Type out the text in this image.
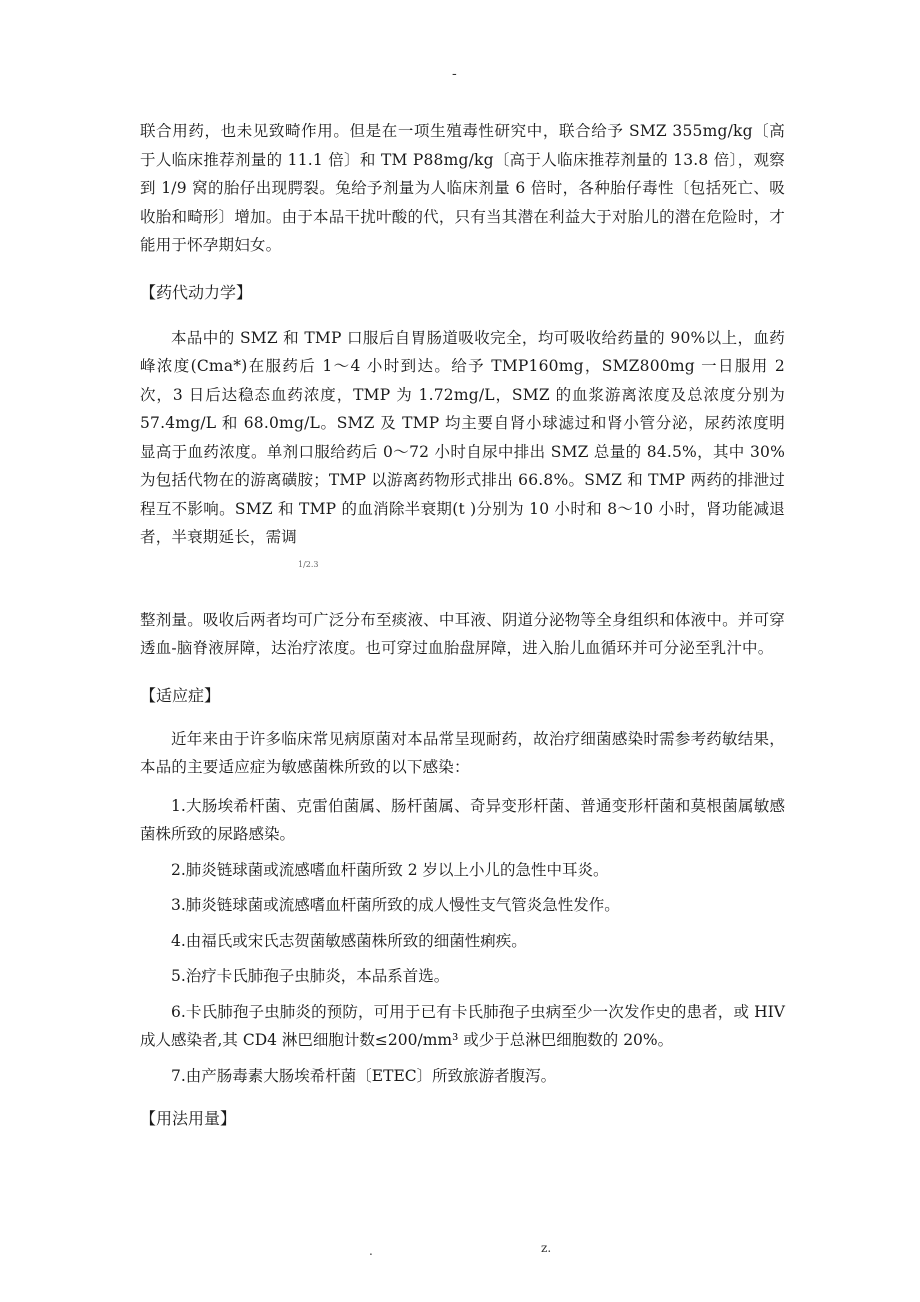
-

联合用药，也未见致畸作用。但是在一项生殖毒性研究中，联合给予 SMZ 355mg/kg〔高于人临床推荐剂量的 11.1 倍〕和 TM P88mg/kg〔高于人临床推荐剂量的 13.8 倍〕，观察到 1/9 窝的胎仔出现腭裂。兔给予剂量为人临床剂量 6 倍时，各种胎仔毒性〔包括死亡、吸收胎和畸形〕增加。由于本品干扰叶酸的代，只有当其潜在利益大于对胎儿的潜在危险时，才能用于怀孕期妇女。

【药代动力学】

本品中的 SMZ 和 TMP 口服后自胃肠道吸收完全，均可吸收给药量的 90%以上，血药峰浓度(Cma*)在服药后 1～4 小时到达。给予 TMP160mg，SMZ800mg 一日服用 2 次，3 日后达稳态血药浓度，TMP 为 1.72mg/L，SMZ 的血浆游离浓度及总浓度分别为 57.4mg/L 和 68.0mg/L。SMZ 及 TMP 均主要自肾小球滤过和肾小管分泌，尿药浓度明显高于血药浓度。单剂口服给药后 0～72 小时自尿中排出 SMZ 总量的 84.5%，其中 30%为包括代物在的游离磺胺；TMP 以游离药物形式排出 66.8%。SMZ 和 TMP 两药的排泄过程互不影响。SMZ 和 TMP 的血消除半衰期(t )分别为 10 小时和 8～10 小时，肾功能减退者，半衰期延长，需调

1/2.3

整剂量。吸收后两者均可广泛分布至痰液、中耳液、阴道分泌物等全身组织和体液中。并可穿透血-脑脊液屏障，达治疗浓度。也可穿过血胎盘屏障，进入胎儿血循环并可分泌至乳汁中。

【适应症】

近年来由于许多临床常见病原菌对本品常呈现耐药，故治疗细菌感染时需参考药敏结果，本品的主要适应症为敏感菌株所致的以下感染：

1.大肠埃希杆菌、克雷伯菌属、肠杆菌属、奇异变形杆菌、普通变形杆菌和莫根菌属敏感菌株所致的尿路感染。
2.肺炎链球菌或流感嗜血杆菌所致 2 岁以上小儿的急性中耳炎。
3.肺炎链球菌或流感嗜血杆菌所致的成人慢性支气管炎急性发作。
4.由福氏或宋氏志贺菌敏感菌株所致的细菌性痢疾。
5.治疗卡氏肺孢子虫肺炎，本品系首选。
6.卡氏肺孢子虫肺炎的预防，可用于已有卡氏肺孢子虫病至少一次发作史的患者，或 HIV 成人感染者,其 CD4 淋巴细胞计数≤200/mm³ 或少于总淋巴细胞数的 20%。
7.由产肠毒素大肠埃希杆菌〔ETEC〕所致旅游者腹泻。

【用法用量】

.	z.
